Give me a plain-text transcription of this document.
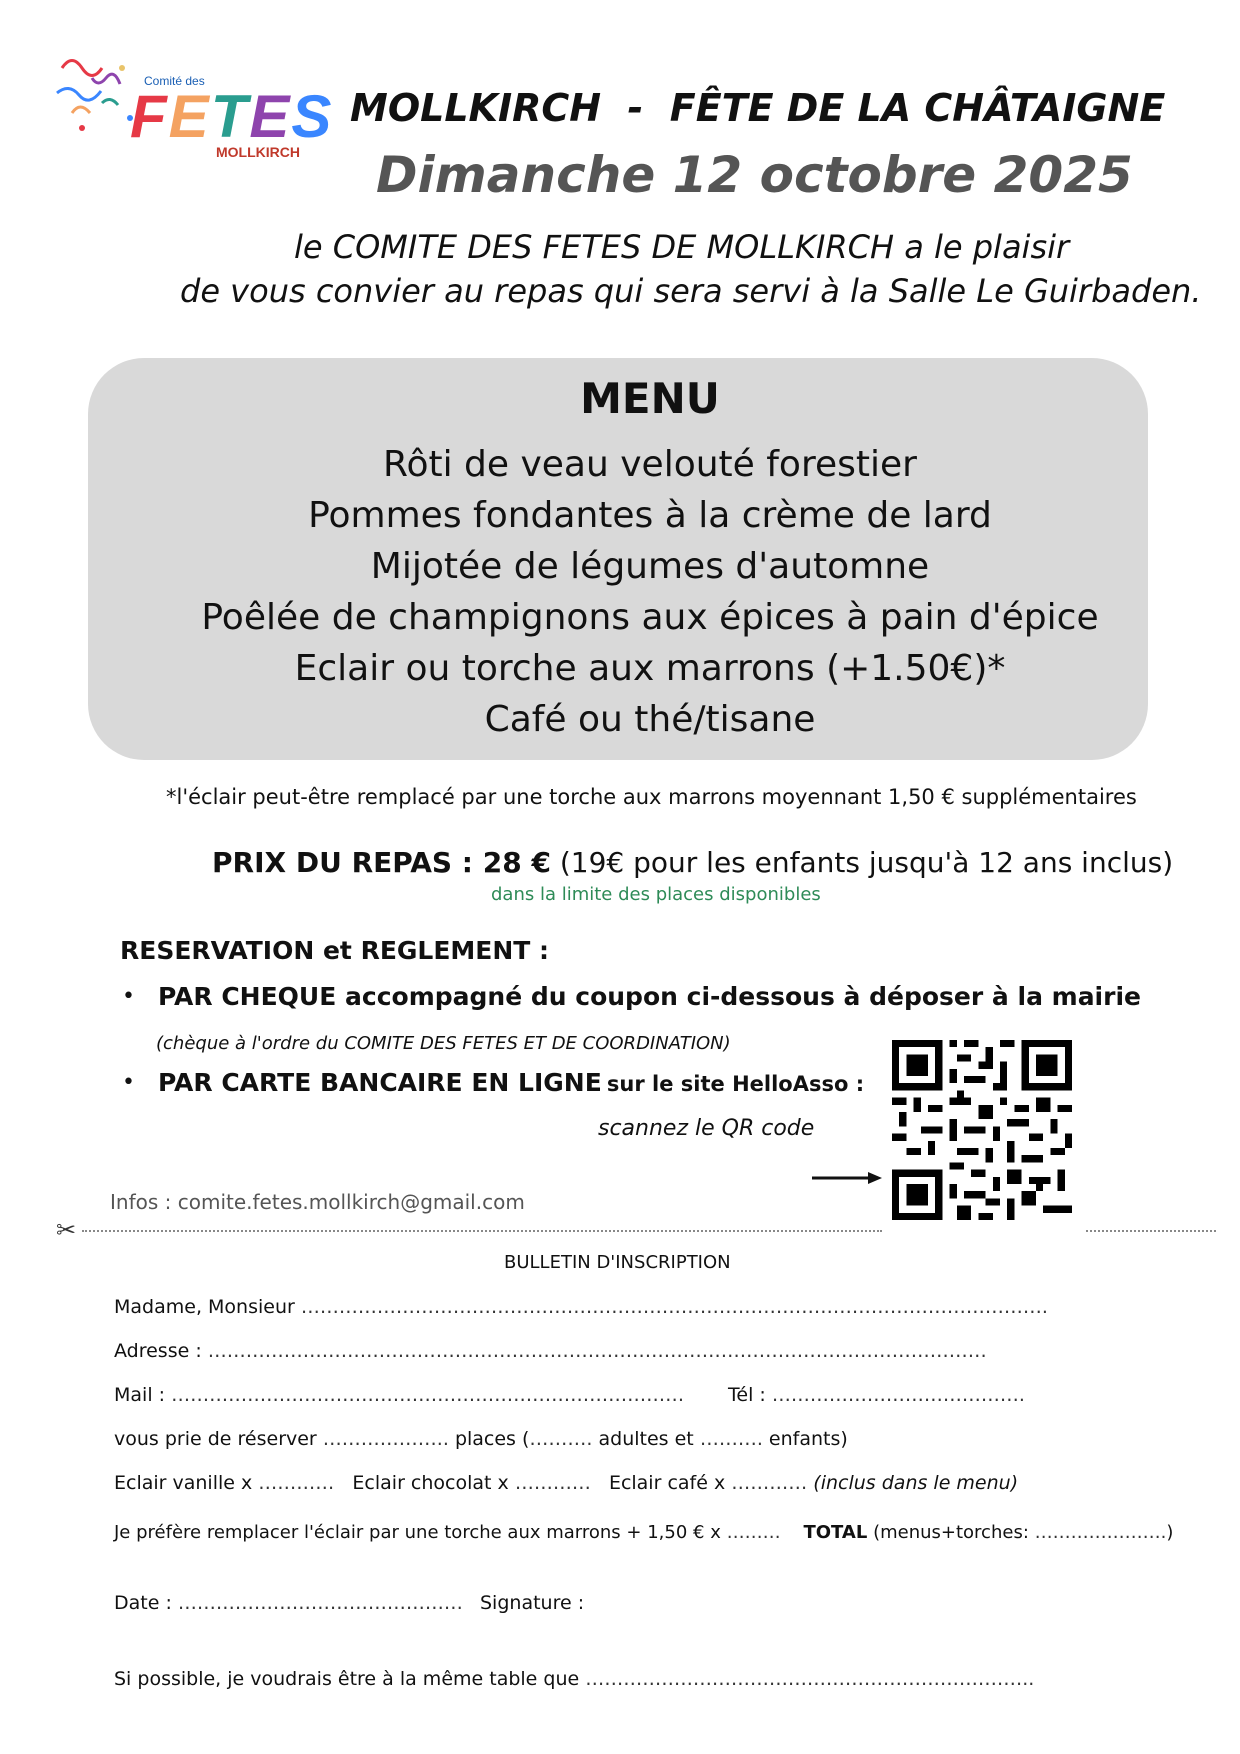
Comité des
FETES
MOLLKIRCH
MOLLKIRCH  -  FÊTE DE LA CHÂTAIGNE
Dimanche 12 octobre 2025
le COMITE DES FETES DE MOLLKIRCH a le plaisir
de vous convier au repas qui sera servi à la Salle Le Guirbaden.
MENU
Rôti de veau velouté forestier
Pommes fondantes à la crème de lard
Mijotée de légumes d'automne
Poêlée de champignons aux épices à pain d'épice
Eclair ou torche aux marrons (+1.50€)*
Café ou thé/tisane
*l'éclair peut-être remplacé par une torche aux marrons moyennant 1,50 € supplémentaires
PRIX DU REPAS : 28 € (19€ pour les enfants jusqu'à 12 ans inclus)
dans la limite des places disponibles
RESERVATION et REGLEMENT :
• PAR CHEQUE accompagné du coupon ci-dessous à déposer à la mairie
(chèque à l'ordre du COMITE DES FETES ET DE COORDINATION)
• PAR CARTE BANCAIRE EN LIGNE sur le site HelloAsso :
scannez le QR code
Infos : comite.fetes.mollkirch@gmail.com
✂
BULLETIN D'INSCRIPTION
Madame, Monsieur ……………………………………………………………………………………………………….
Adresse : ……………………………………………………………………………………………………………
Mail : ……………………………………………………………………… Tél : ………………………………….
vous prie de réserver ……………….. places (………. adultes et ………. enfants)
Eclair vanille x ………… Eclair chocolat x ………… Eclair café x ………… (inclus dans le menu)
Je préfère remplacer l'éclair par une torche aux marrons + 1,50 € x ……… TOTAL (menus+torches: ………………….)
Date : ……………………………………… Signature :
Si possible, je voudrais être à la même table que ……………………………………………………………..
